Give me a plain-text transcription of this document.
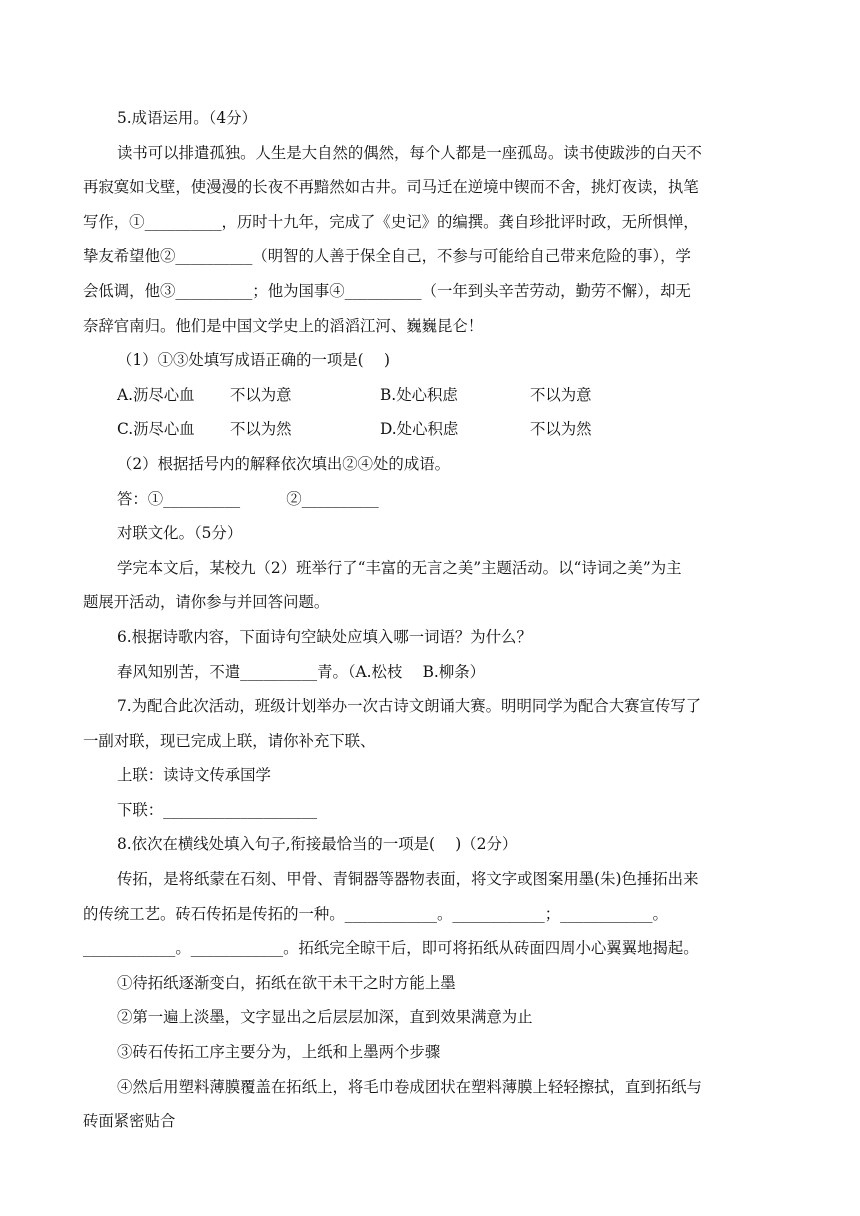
5.成语运用。（4分）

读书可以排遣孤独。人生是大自然的偶然，每个人都是一座孤岛。读书使跋涉的白天不

再寂寞如戈壁，使漫漫的长夜不再黯然如古井。司马迁在逆境中锲而不舍，挑灯夜读，执笔

写作，①__________，历时十九年，完成了《史记》的编撰。龚自珍批评时政，无所惧惮，

挚友希望他②__________（明智的人善于保全自己，不参与可能给自己带来危险的事），学

会低调，他③__________；他为国事④__________（一年到头辛苦劳动，勤劳不懈），却无

奈辞官南归。他们是中国文学史上的滔滔江河、巍巍昆仑！

（1）①③处填写成语正确的一项是(　 )

A.沥尽心血	不以为意	B.处心积虑	不以为意
C.沥尽心血	不以为然	D.处心积虑	不以为然

（2）根据括号内的解释依次填出②④处的成语。

答：①__________　　　②__________

对联文化。（5分）

学完本文后，某校九（2）班举行了“丰富的无言之美”主题活动。以“诗词之美”为主

题展开活动，请你参与并回答问题。

6.根据诗歌内容，下面诗句空缺处应填入哪一词语？为什么？

春风知别苦，不遣__________青。（A.松枝　 B.柳条）

7.为配合此次活动，班级计划举办一次古诗文朗诵大赛。明明同学为配合大赛宣传写了

一副对联，现已完成上联，请你补充下联、

上联：读诗文传承国学

下联：____________________

8.依次在横线处填入句子,衔接最恰当的一项是(　 )（2分）

传拓，是将纸蒙在石刻、甲骨、青铜器等器物表面，将文字或图案用墨(朱)色捶拓出来

的传统工艺。砖石传拓是传拓的一种。____________。____________；____________。

____________。____________。拓纸完全晾干后，即可将拓纸从砖面四周小心翼翼地揭起。

①待拓纸逐渐变白，拓纸在欲干未干之时方能上墨

②第一遍上淡墨，文字显出之后层层加深，直到效果满意为止

③砖石传拓工序主要分为，上纸和上墨两个步骤

④然后用塑料薄膜覆盖在拓纸上，将毛巾卷成团状在塑料薄膜上轻轻擦拭，直到拓纸与

砖面紧密贴合
